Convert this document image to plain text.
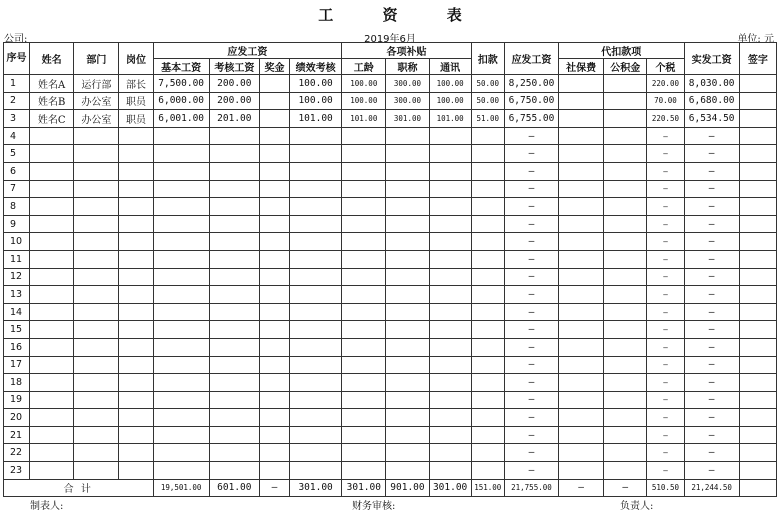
工 资 表
公司:	2019年6月	单位: 元
序号	姓名	部门	岗位	应发工资				各项补贴			扣款	应发工资	代扣款项			实发工资	签字
				基本工资	考核工资	奖金	绩效考核	工龄	职称	通讯			社保费	公积金	个税		
1	姓名A	运行部	部长	7,500.00	200.00		100.00	100.00	300.00	100.00	50.00	8,250.00			220.00	8,030.00	
2	姓名B	办公室	职员	6,000.00	200.00		100.00	100.00	300.00	100.00	50.00	6,750.00			70.00	6,680.00	
3	姓名C	办公室	职员	6,001.00	201.00		101.00	101.00	301.00	101.00	51.00	6,755.00			220.50	6,534.50	
4												–			–	–	
5												–			–	–	
6												–			–	–	
7												–			–	–	
8												–			–	–	
9												–			–	–	
10												–			–	–	
11												–			–	–	
12												–			–	–	
13												–			–	–	
14												–			–	–	
15												–			–	–	
16												–			–	–	
17												–			–	–	
18												–			–	–	
19												–			–	–	
20												–			–	–	
21												–			–	–	
22												–			–	–	
23												–			–	–	
合 计				19,501.00	601.00	–	301.00	301.00	901.00	301.00	151.00	21,755.00	–	–	510.50	21,244.50	
制表人:	财务审核:	负责人:
